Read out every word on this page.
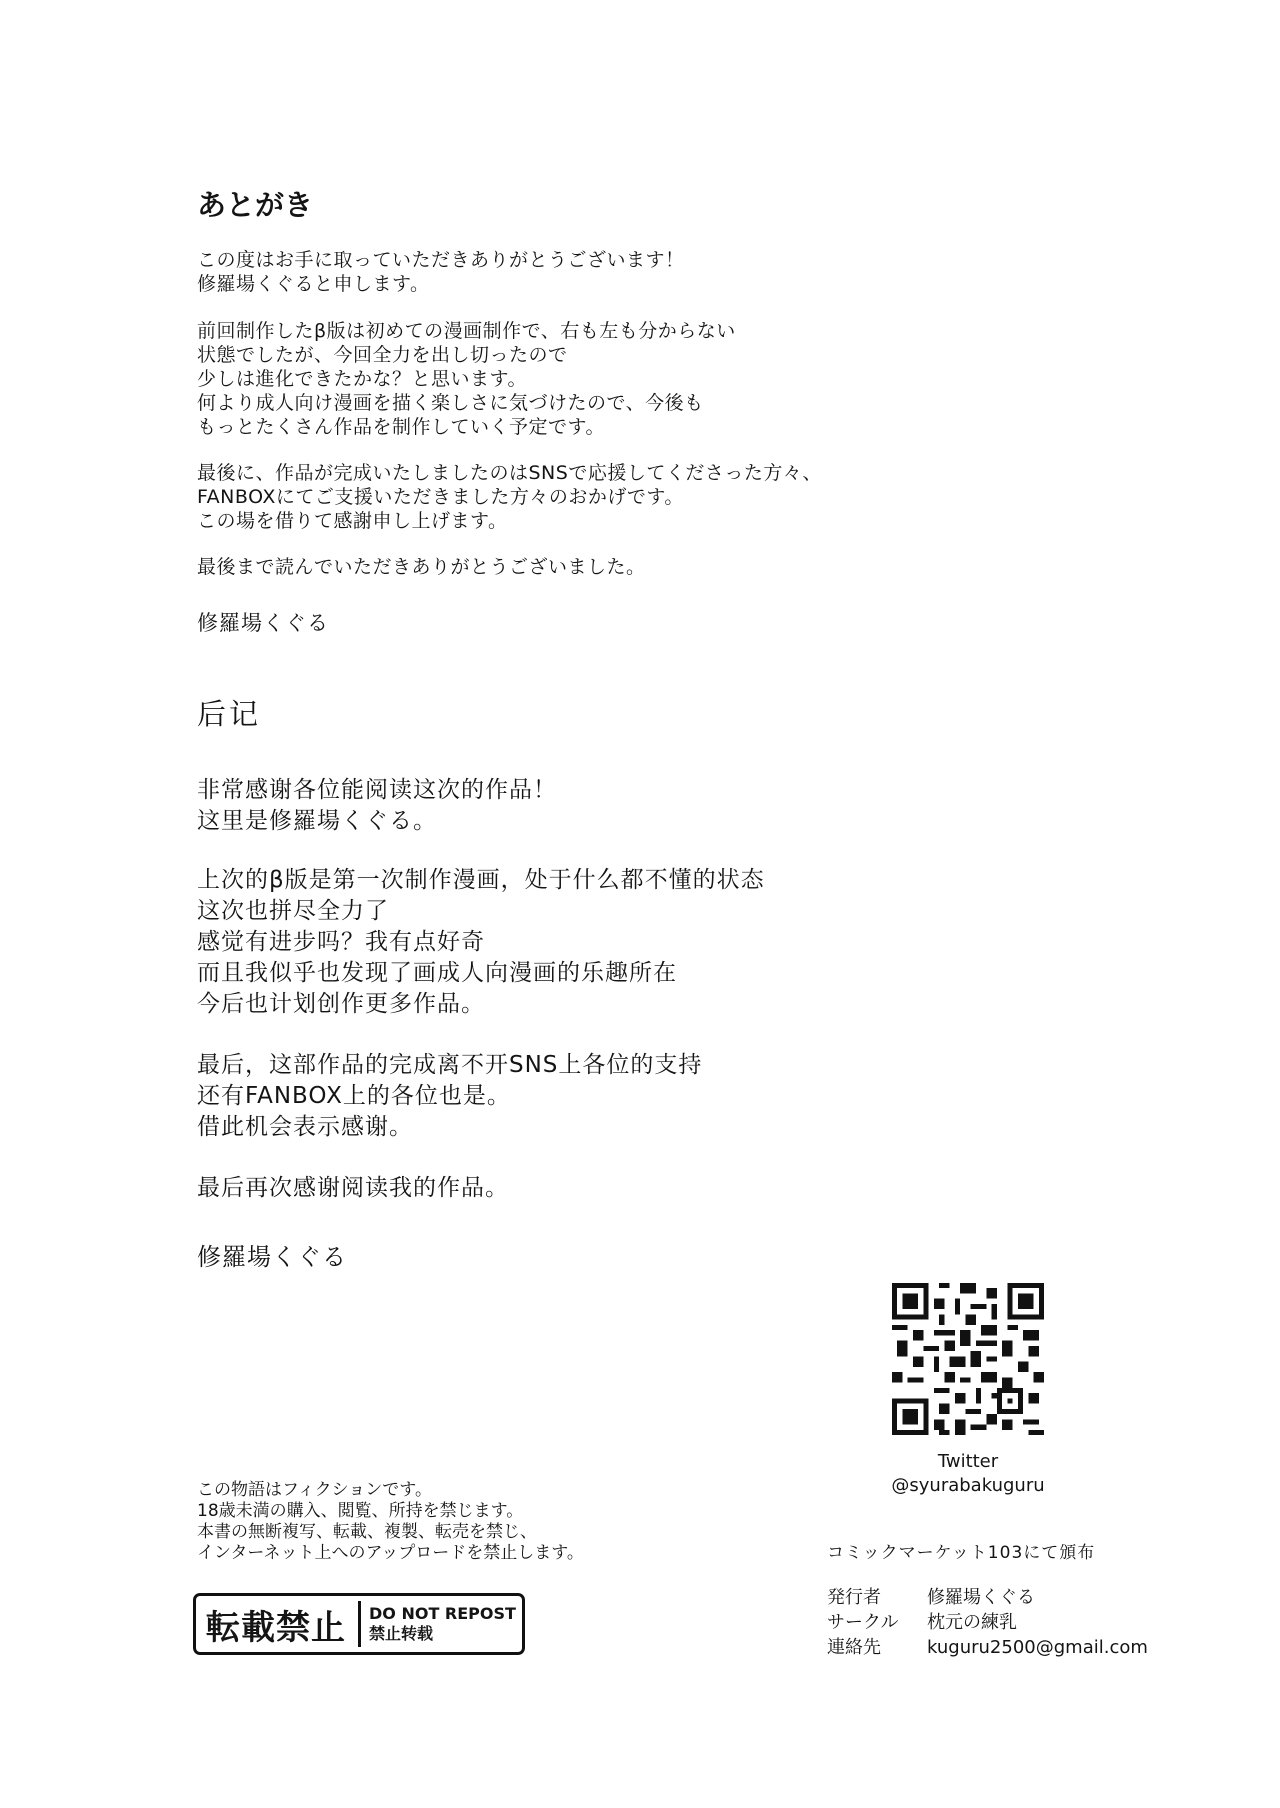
あとがき

この度はお手に取っていただきありがとうございます！

修羅場くぐると申します。

前回制作したβ版は初めての漫画制作で、右も左も分からない

状態でしたが、今回全力を出し切ったので

少しは進化できたかな？と思います。

何より成人向け漫画を描く楽しさに気づけたので、今後も

もっとたくさん作品を制作していく予定です。

最後に、作品が完成いたしましたのはSNSで応援してくださった方々、

FANBOXにてご支援いただきました方々のおかげです。

この場を借りて感謝申し上げます。

最後まで読んでいただきありがとうございました。

修羅場くぐる
后记

非常感谢各位能阅读这次的作品！

这里是修羅場くぐる。

上次的β版是第一次制作漫画，处于什么都不懂的状态

这次也拼尽全力了

感觉有进步吗？我有点好奇

而且我似乎也发现了画成人向漫画的乐趣所在

今后也计划创作更多作品。

最后，这部作品的完成离不开SNS上各位的支持

还有FANBOX上的各位也是。

借此机会表示感谢。

最后再次感谢阅读我的作品。

修羅場くぐる
Twitter
@syurabakuguru

この物語はフィクションです。

18歳未満の購入、閲覧、所持を禁じます。

本書の無断複写、転載、複製、転売を禁じ、

インターネット上へのアップロードを禁止します。

転載禁止	DO NOT REPOST
禁止转载
コミックマーケット103にて頒布
発行者	修羅場くぐる
サークル	枕元の練乳
連絡先	kuguru2500@gmail.com
